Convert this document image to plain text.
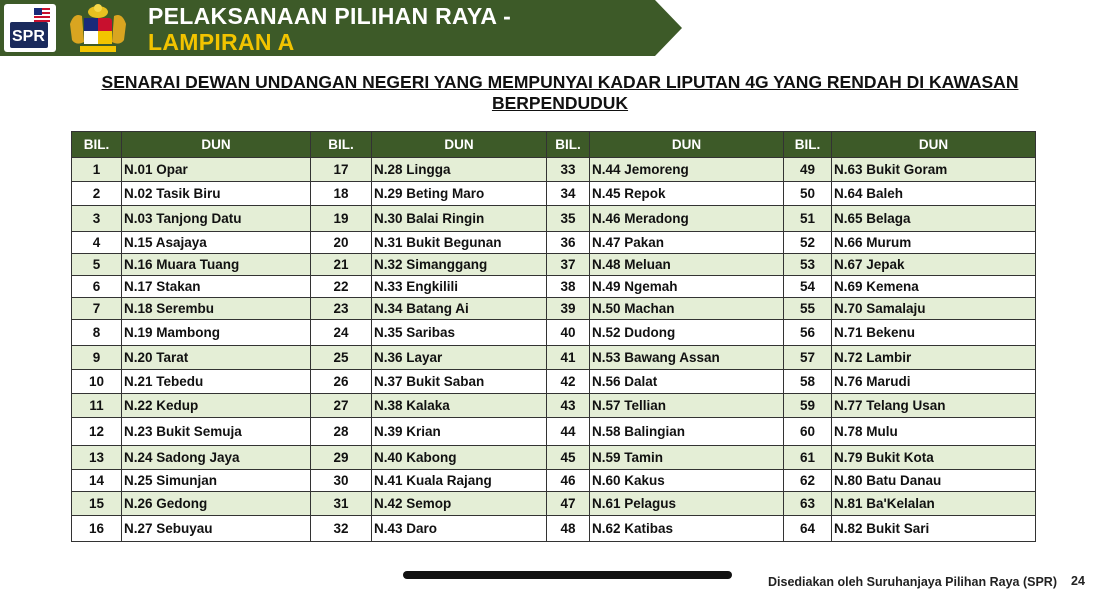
SPR
PELAKSANAAN PILIHAN RAYA -
LAMPIRAN A
SENARAI DEWAN UNDANGAN NEGERI YANG MEMPUNYAI KADAR LIPUTAN 4G YANG RENDAH DI KAWASAN BERPENDUDUK
BIL.	DUN	BIL.	DUN	BIL.	DUN	BIL.	DUN
1	N.01 Opar	17	N.28 Lingga	33	N.44 Jemoreng	49	N.63 Bukit Goram
2	N.02 Tasik Biru	18	N.29 Beting Maro	34	N.45 Repok	50	N.64 Baleh
3	N.03 Tanjong Datu	19	N.30 Balai Ringin	35	N.46 Meradong	51	N.65 Belaga
4	N.15 Asajaya	20	N.31 Bukit Begunan	36	N.47 Pakan	52	N.66 Murum
5	N.16 Muara Tuang	21	N.32 Simanggang	37	N.48 Meluan	53	N.67 Jepak
6	N.17 Stakan	22	N.33 Engkilili	38	N.49 Ngemah	54	N.69 Kemena
7	N.18 Serembu	23	N.34 Batang Ai	39	N.50 Machan	55	N.70 Samalaju
8	N.19 Mambong	24	N.35 Saribas	40	N.52 Dudong	56	N.71 Bekenu
9	N.20 Tarat	25	N.36 Layar	41	N.53 Bawang Assan	57	N.72 Lambir
10	N.21 Tebedu	26	N.37 Bukit Saban	42	N.56 Dalat	58	N.76 Marudi
11	N.22 Kedup	27	N.38 Kalaka	43	N.57 Tellian	59	N.77 Telang Usan
12	N.23 Bukit Semuja	28	N.39 Krian	44	N.58 Balingian	60	N.78 Mulu
13	N.24 Sadong Jaya	29	N.40 Kabong	45	N.59 Tamin	61	N.79 Bukit Kota
14	N.25 Simunjan	30	N.41 Kuala Rajang	46	N.60 Kakus	62	N.80 Batu Danau
15	N.26 Gedong	31	N.42 Semop	47	N.61 Pelagus	63	N.81 Ba'Kelalan
16	N.27 Sebuyau	32	N.43 Daro	48	N.62 Katibas	64	N.82 Bukit Sari
Disediakan oleh Suruhanjaya Pilihan Raya (SPR) 24
